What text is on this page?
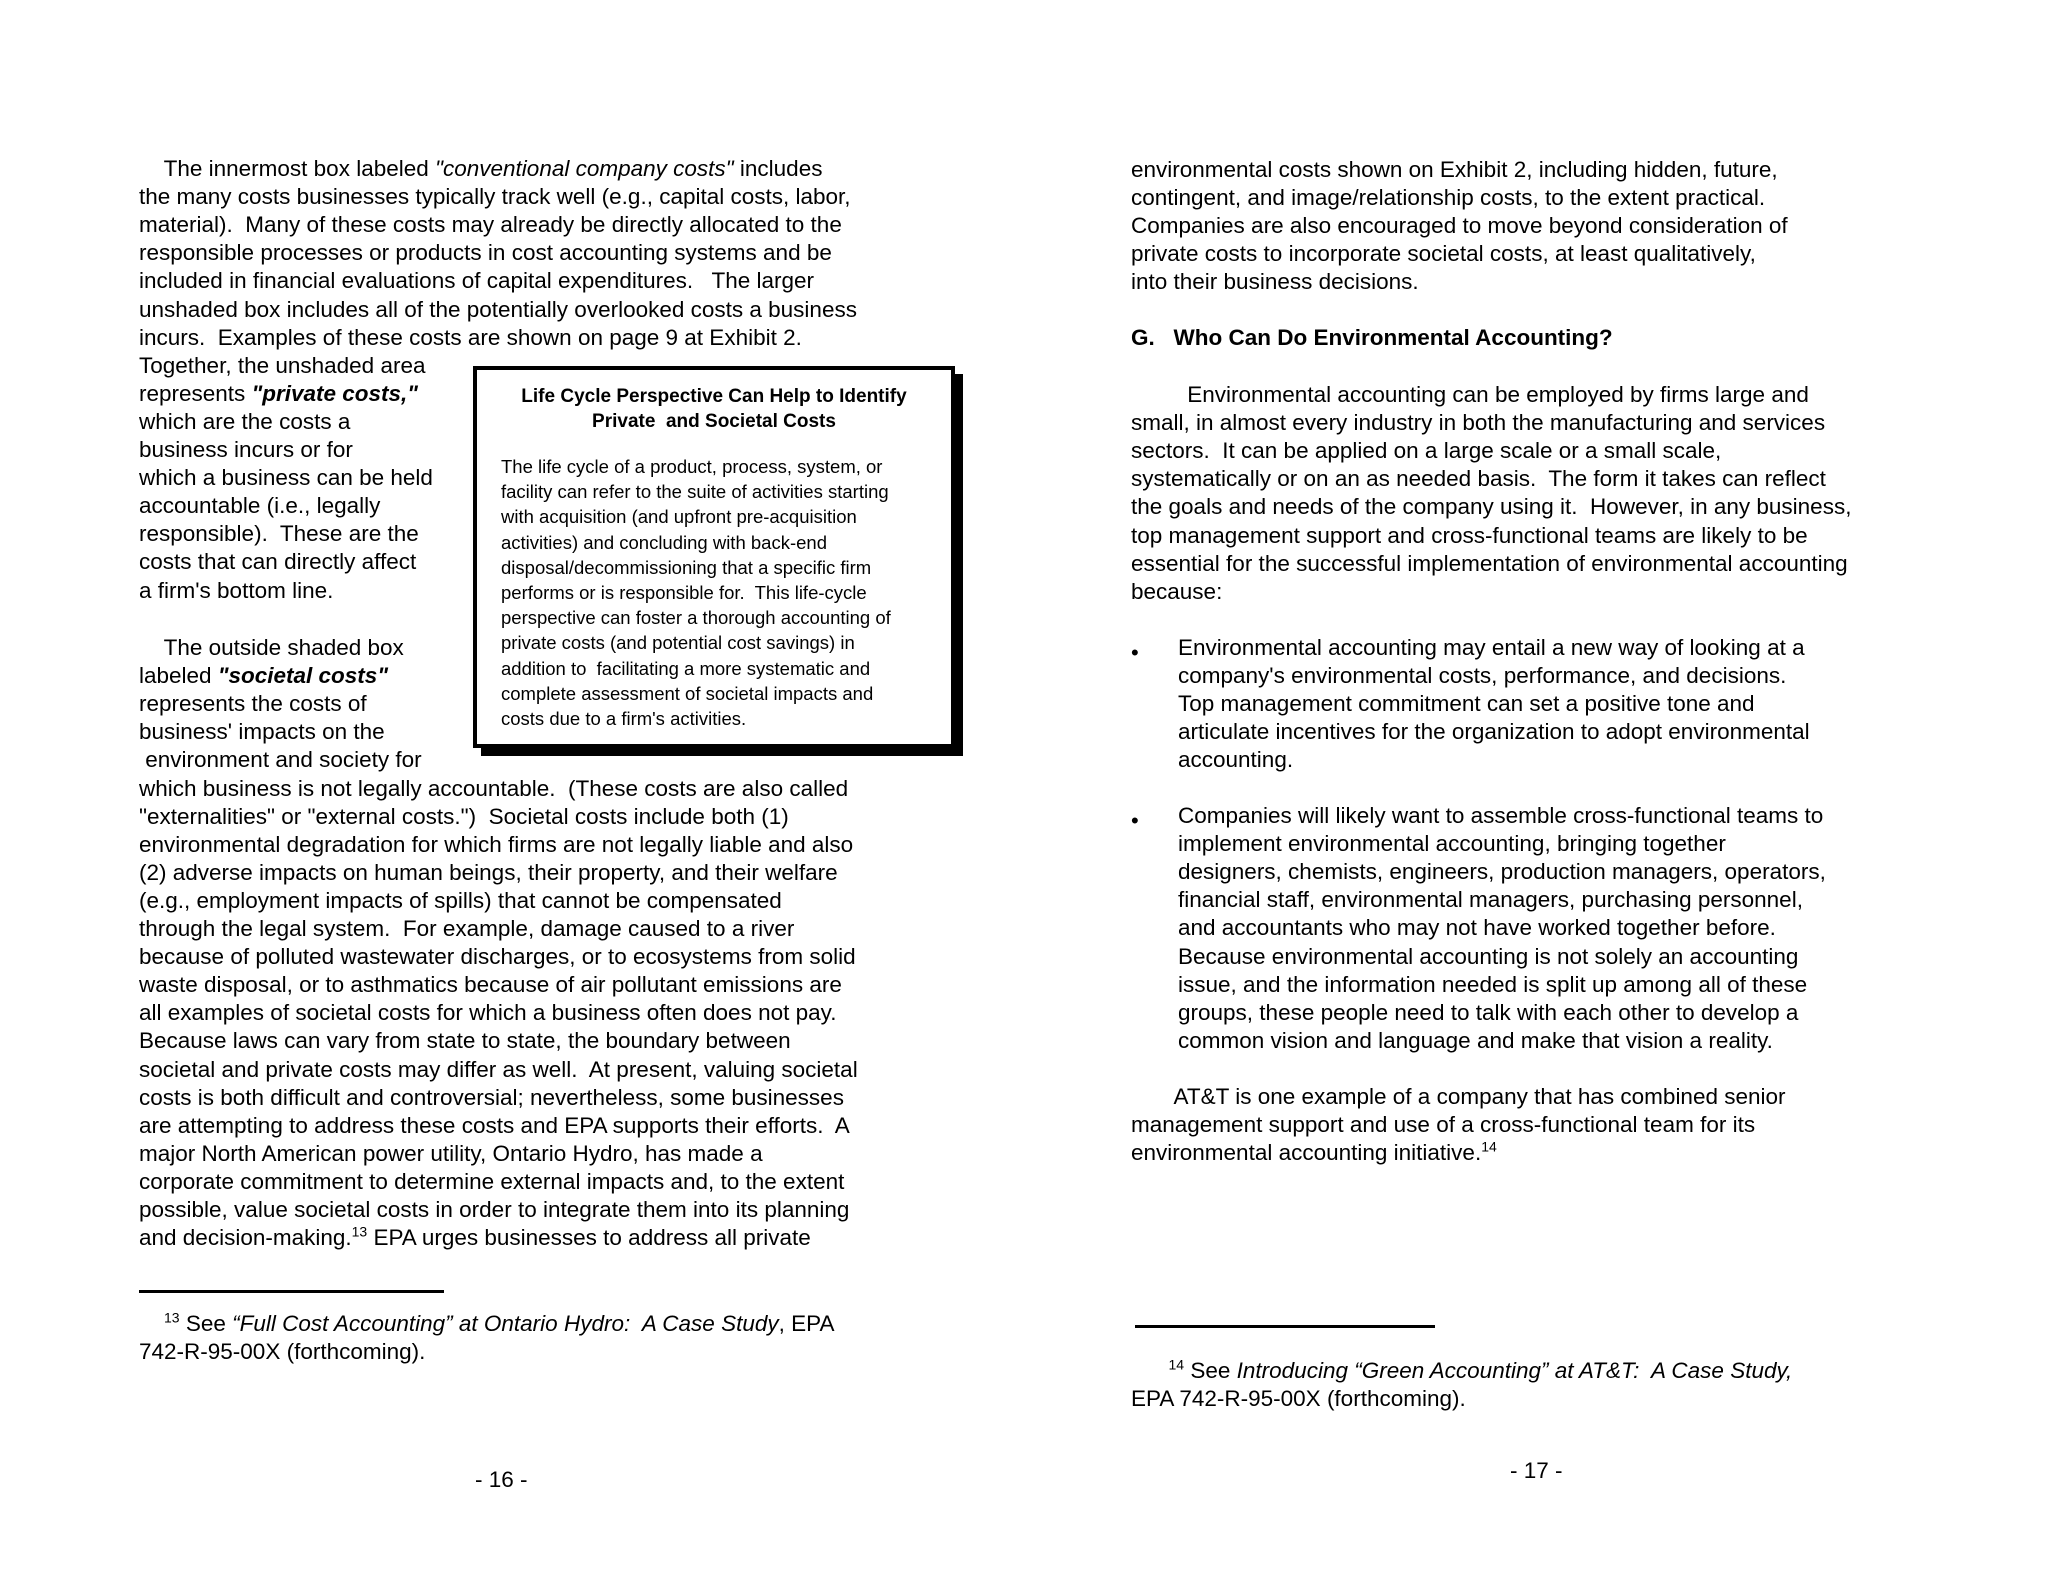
The innermost box labeled "conventional company costs" includes
the many costs businesses typically track well (e.g., capital costs, labor,
material).  Many of these costs may already be directly allocated to the
responsible processes or products in cost accounting systems and be
included in financial evaluations of capital expenditures.   The larger
unshaded box includes all of the potentially overlooked costs a business
incurs.  Examples of these costs are shown on page 9 at Exhibit 2.
Together, the unshaded area
represents "private costs,"
which are the costs a
business incurs or for
which a business can be held
accountable (i.e., legally
responsible).  These are the
costs that can directly affect
a firm's bottom line.
The outside shaded box
labeled "societal costs"
represents the costs of
business' impacts on the
environment and society for
which business is not legally accountable.  (These costs are also called
"externalities" or "external costs.")  Societal costs include both (1)
environmental degradation for which firms are not legally liable and also
(2) adverse impacts on human beings, their property, and their welfare
(e.g., employment impacts of spills) that cannot be compensated
through the legal system.  For example, damage caused to a river
because of polluted wastewater discharges, or to ecosystems from solid
waste disposal, or to asthmatics because of air pollutant emissions are
all examples of societal costs for which a business often does not pay.
Because laws can vary from state to state, the boundary between
societal and private costs may differ as well.  At present, valuing societal
costs is both difficult and controversial; nevertheless, some businesses
are attempting to address these costs and EPA supports their efforts.  A
major North American power utility, Ontario Hydro, has made a
corporate commitment to determine external impacts and, to the extent
possible, value societal costs in order to integrate them into its planning
and decision-making.$^{13}$ EPA urges businesses to address all private
Life Cycle Perspective Can Help to Identify
Private  and Societal Costs
The life cycle of a product, process, system, or
facility can refer to the suite of activities starting
with acquisition (and upfront pre-acquisition
activities) and concluding with back-end
disposal/decommissioning that a specific firm
performs or is responsible for.  This life-cycle
perspective can foster a thorough accounting of
private costs (and potential cost savings) in
addition to  facilitating a more systematic and
complete assessment of societal impacts and
costs due to a firm's activities.
$^{13}$ See “Full Cost Accounting” at Ontario Hydro:  A Case Study, EPA
742-R-95-00X (forthcoming).
- 16 -
environmental costs shown on Exhibit 2, including hidden, future,
contingent, and image/relationship costs, to the extent practical.
Companies are also encouraged to move beyond consideration of
private costs to incorporate societal costs, at least qualitatively,
into their business decisions.
G.   Who Can Do Environmental Accounting?
Environmental accounting can be employed by firms large and
small, in almost every industry in both the manufacturing and services
sectors.  It can be applied on a large scale or a small scale,
systematically or on an as needed basis.  The form it takes can reflect
the goals and needs of the company using it.  However, in any business,
top management support and cross-functional teams are likely to be
essential for the successful implementation of environmental accounting
because:
• Environmental accounting may entail a new way of looking at a
company's environmental costs, performance, and decisions.
Top management commitment can set a positive tone and
articulate incentives for the organization to adopt environmental
accounting.
• Companies will likely want to assemble cross-functional teams to
implement environmental accounting, bringing together
designers, chemists, engineers, production managers, operators,
financial staff, environmental managers, purchasing personnel,
and accountants who may not have worked together before.
Because environmental accounting is not solely an accounting
issue, and the information needed is split up among all of these
groups, these people need to talk with each other to develop a
common vision and language and make that vision a reality.
AT&T is one example of a company that has combined senior
management support and use of a cross-functional team for its
environmental accounting initiative.$^{14}$
$^{14}$ See Introducing “Green Accounting” at AT&T:  A Case Study,
EPA 742-R-95-00X (forthcoming).
- 17 -
